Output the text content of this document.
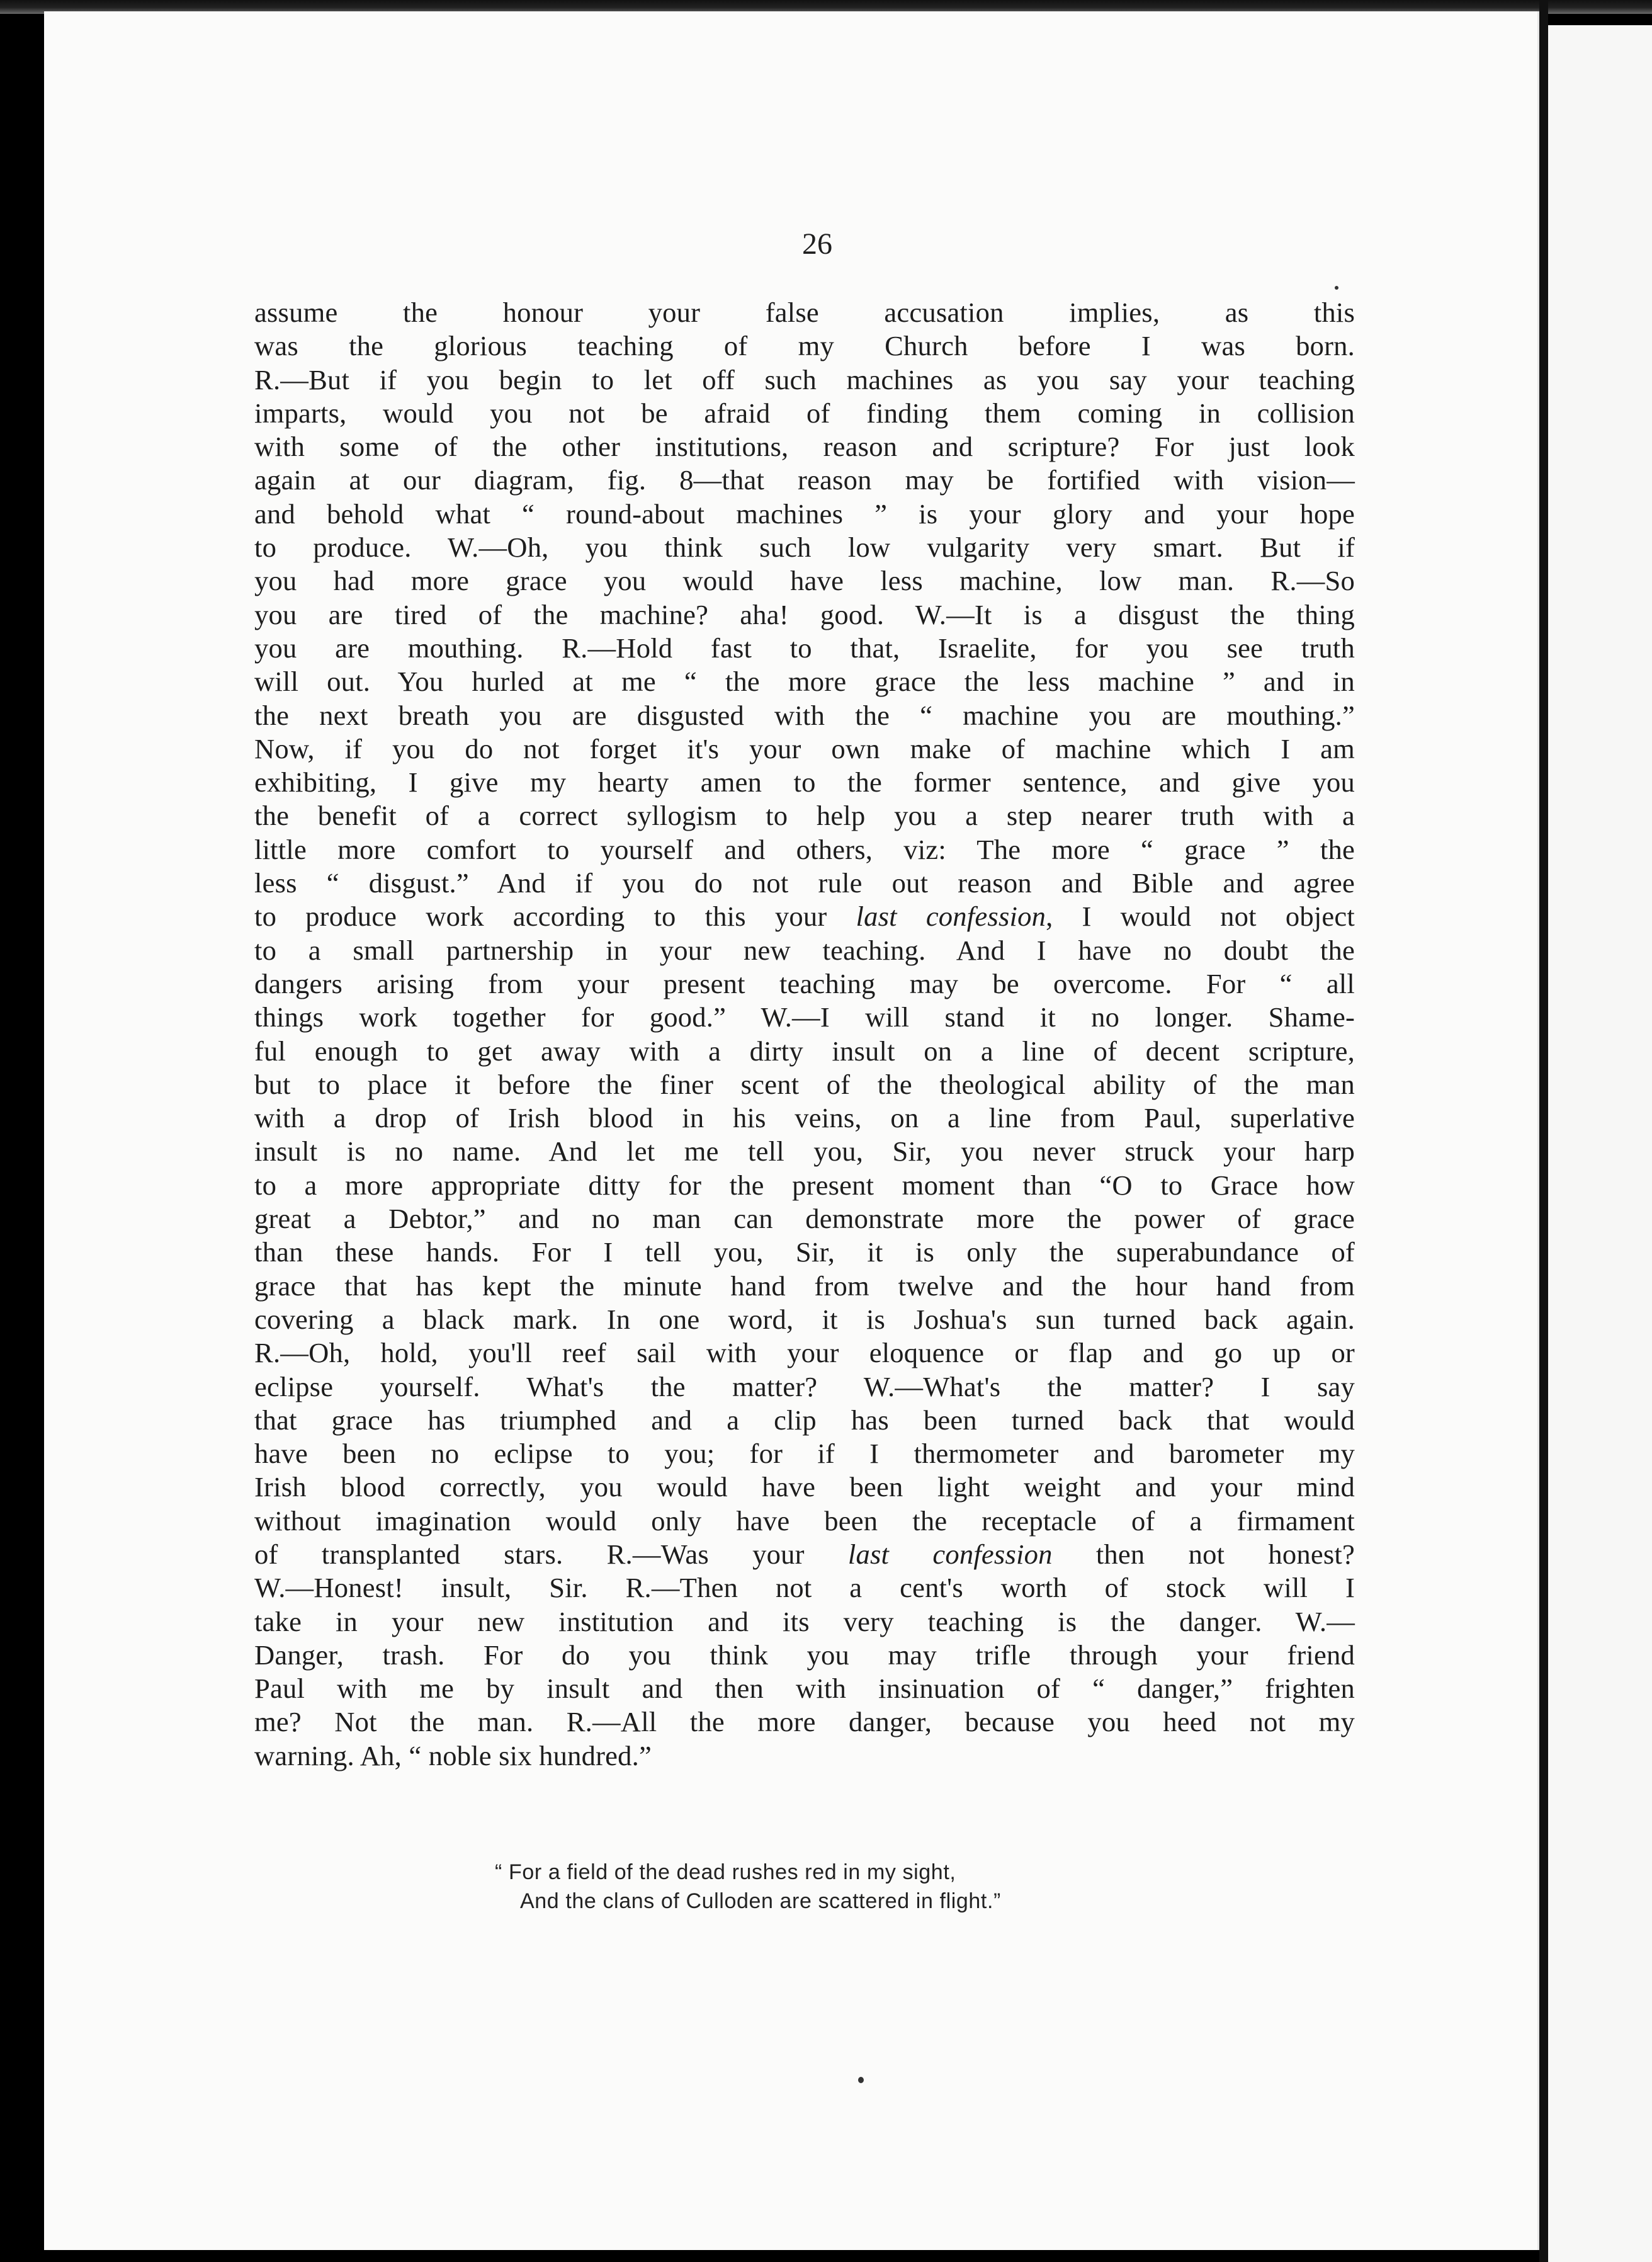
26
assume the honour your false accusation implies, as this
was the glorious teaching of my Church before I was born.
R.—But if you begin to let off such machines as you say your teaching
imparts, would you not be afraid of finding them coming in collision
with some of the other institutions, reason and scripture? For just look
again at our diagram, fig. 8—that reason may be fortified with vision—
and behold what “ round-about machines ” is your glory and your hope
to produce. W.—Oh, you think such low vulgarity very smart. But if
you had more grace you would have less machine, low man. R.—So
you are tired of the machine? aha! good. W.—It is a disgust the thing
you are mouthing. R.—Hold fast to that, Israelite, for you see truth
will out. You hurled at me “ the more grace the less machine ” and in
the next breath you are disgusted with the “ machine you are mouthing.”
Now, if you do not forget it's your own make of machine which I am
exhibiting, I give my hearty amen to the former sentence, and give you
the benefit of a correct syllogism to help you a step nearer truth with a
little more comfort to yourself and others, viz: The more “ grace ” the
less “ disgust.” And if you do not rule out reason and Bible and agree
to produce work according to this your last confession, I would not object
to a small partnership in your new teaching. And I have no doubt the
dangers arising from your present teaching may be overcome. For “ all
things work together for good.” W.—I will stand it no longer. Shame-
ful enough to get away with a dirty insult on a line of decent scripture,
but to place it before the finer scent of the theological ability of the man
with a drop of Irish blood in his veins, on a line from Paul, superlative
insult is no name. And let me tell you, Sir, you never struck your harp
to a more appropriate ditty for the present moment than “O to Grace how
great a Debtor,” and no man can demonstrate more the power of grace
than these hands. For I tell you, Sir, it is only the superabundance of
grace that has kept the minute hand from twelve and the hour hand from
covering a black mark. In one word, it is Joshua's sun turned back again.
R.—Oh, hold, you'll reef sail with your eloquence or flap and go up or
eclipse yourself. What's the matter? W.—What's the matter? I say
that grace has triumphed and a clip has been turned back that would
have been no eclipse to you; for if I thermometer and barometer my
Irish blood correctly, you would have been light weight and your mind
without imagination would only have been the receptacle of a firmament
of transplanted stars. R.—Was your last confession then not honest?
W.—Honest! insult, Sir. R.—Then not a cent's worth of stock will I
take in your new institution and its very teaching is the danger. W.—
Danger, trash. For do you think you may trifle through your friend
Paul with me by insult and then with insinuation of “ danger,” frighten
me? Not the man. R.—All the more danger, because you heed not my
warning. Ah, “ noble six hundred.”
“ For a field of the dead rushes red in my sight,
And the clans of Culloden are scattered in flight.”
